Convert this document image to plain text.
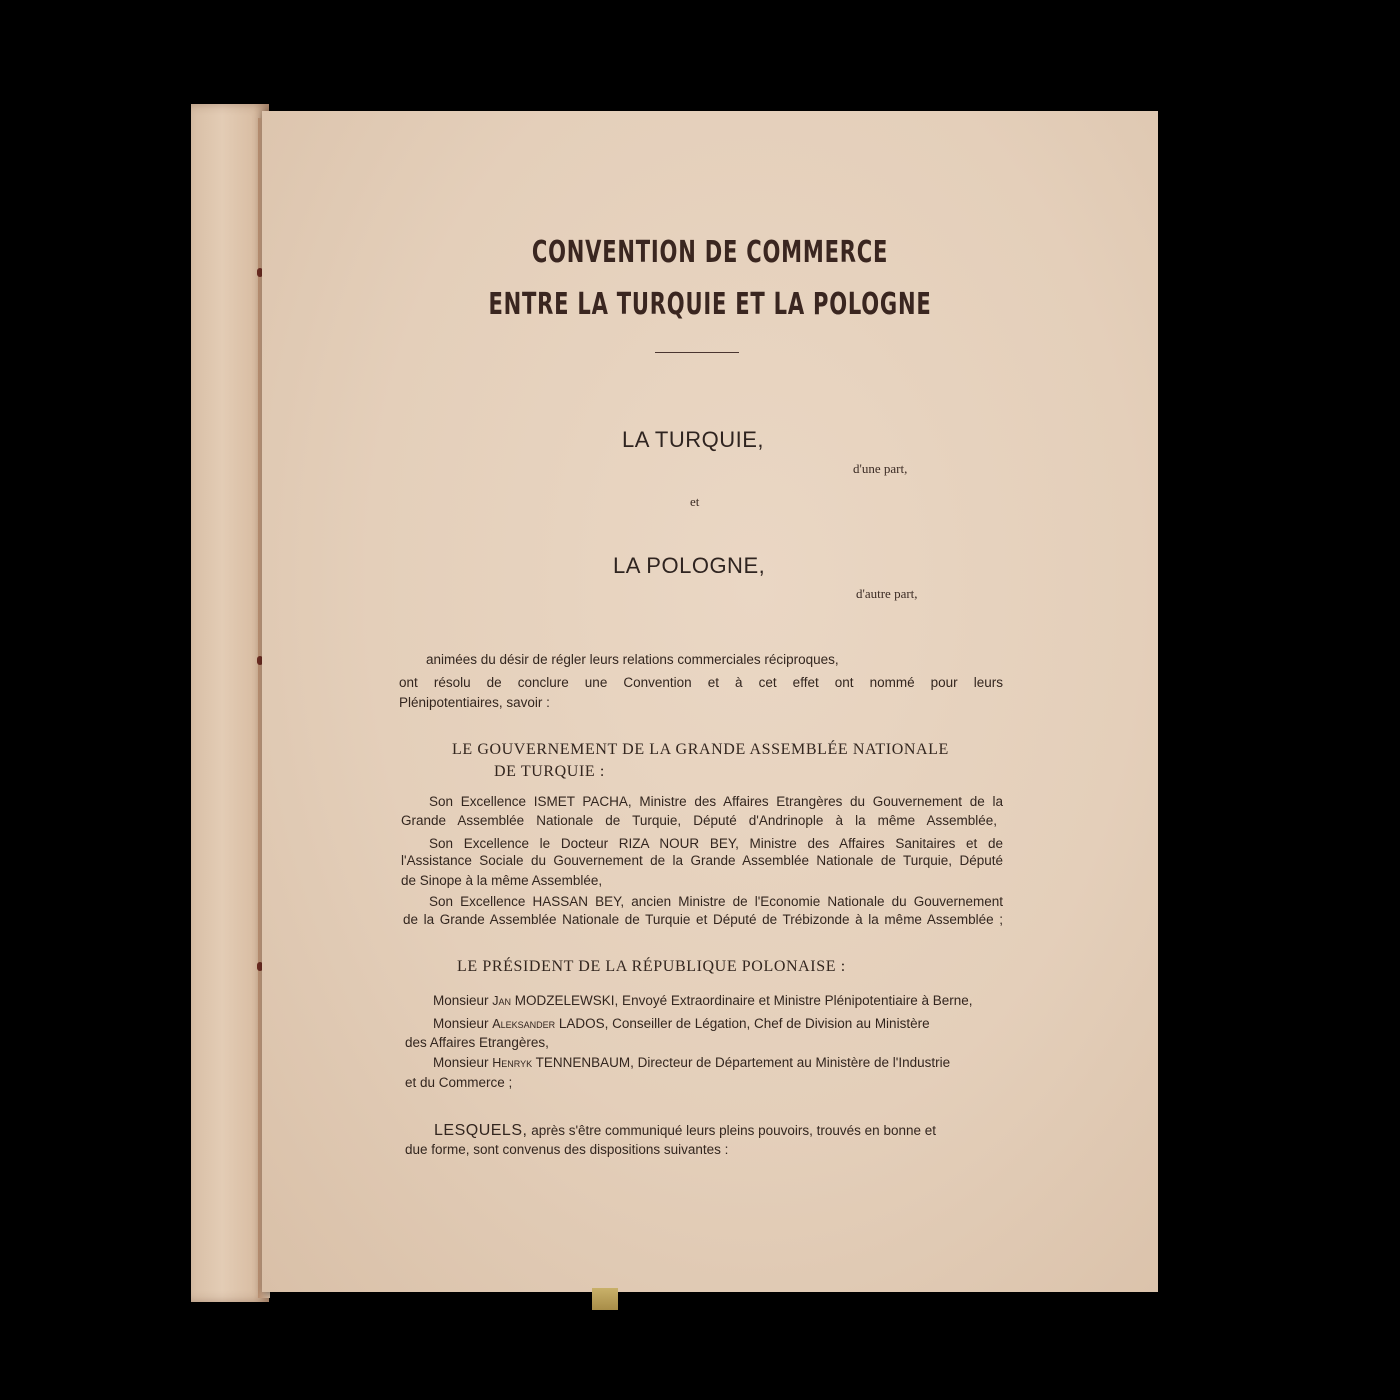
CONVENTION DE COMMERCE
ENTRE LA TURQUIE ET LA POLOGNE
LA TURQUIE,
d'une part,
et
LA POLOGNE,
d'autre part,
animées du désir de régler leurs relations commerciales réciproques,
ont résolu de conclure une Convention et à cet effet ont nommé pour leurs
Plénipotentiaires, savoir :
LE GOUVERNEMENT DE LA GRANDE ASSEMBLÉE NATIONALE
DE TURQUIE :
Son Excellence ISMET PACHA, Ministre des Affaires Etrangères du Gouvernement de la
Grande Assemblée Nationale de Turquie, Député d'Andrinople à la même Assemblée,
Son Excellence le Docteur RIZA NOUR BEY, Ministre des Affaires Sanitaires et de
l'Assistance Sociale du Gouvernement de la Grande Assemblée Nationale de Turquie, Député
de Sinope à la même Assemblée,
Son Excellence HASSAN BEY, ancien Ministre de l'Economie Nationale du Gouvernement
de la Grande Assemblée Nationale de Turquie et Député de Trébizonde à la même Assemblée ;
LE PRÉSIDENT DE LA RÉPUBLIQUE POLONAISE :
Monsieur Jan MODZELEWSKI, Envoyé Extraordinaire et Ministre Plénipotentiaire à Berne,
Monsieur Aleksander LADOS, Conseiller de Légation, Chef de Division au Ministère
des Affaires Etrangères,
Monsieur Henryk TENNENBAUM, Directeur de Département au Ministère de l'Industrie
et du Commerce ;
LESQUELS, après s'être communiqué leurs pleins pouvoirs, trouvés en bonne et
due forme, sont convenus des dispositions suivantes :
